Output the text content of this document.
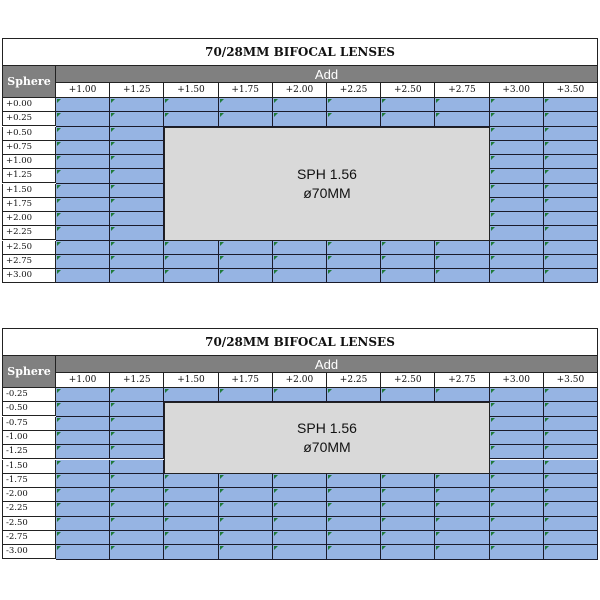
70/28MM BIFOCAL LENSES
Sphere	Add
+1.00	+1.25	+1.50	+1.75	+2.00	+2.25	+2.50	+2.75	+3.00	+3.50
+0.00
+0.25
+0.50
+0.75
+1.00
+1.25
+1.50
+1.75
+2.00
+2.25
+2.50
+2.75
+3.00
SPH 1.56
ø70MM
70/28MM BIFOCAL LENSES
Sphere	Add
+1.00	+1.25	+1.50	+1.75	+2.00	+2.25	+2.50	+2.75	+3.00	+3.50
-0.25
-0.50
-0.75
-1.00
-1.25
-1.50
-1.75
-2.00
-2.25
-2.50
-2.75
-3.00
SPH 1.56
ø70MM
